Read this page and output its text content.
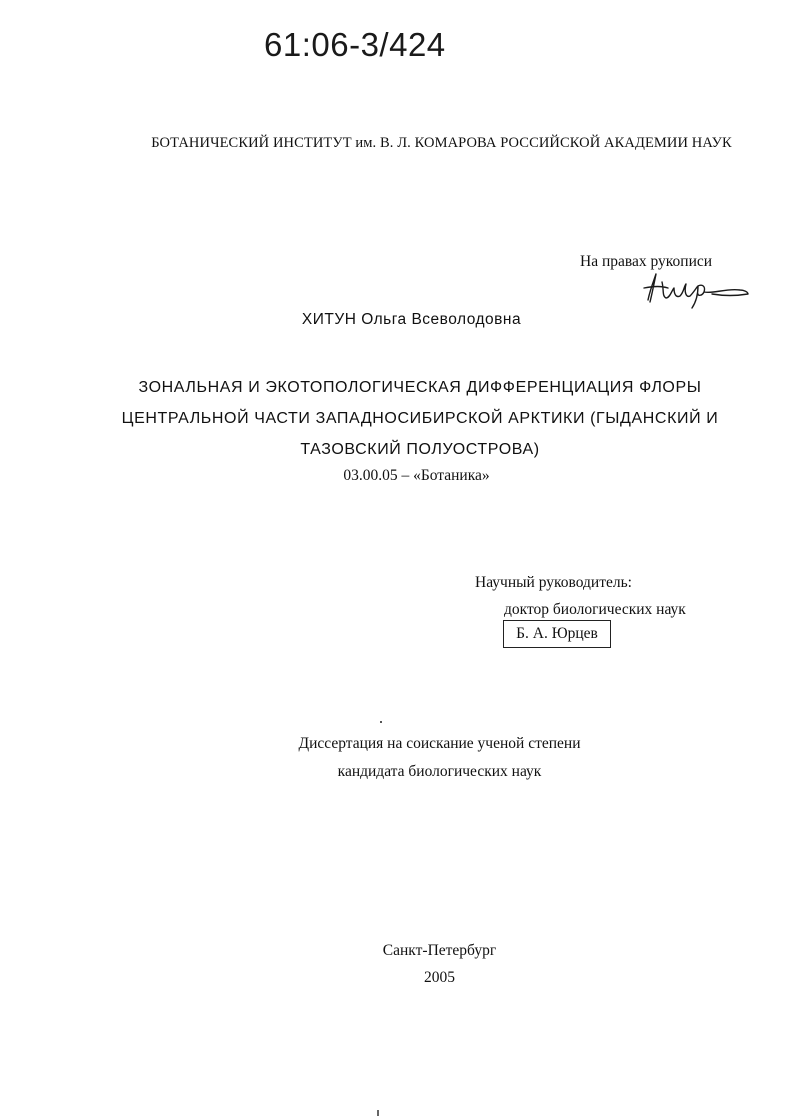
61:06-3/424
БОТАНИЧЕСКИЙ ИНСТИТУТ им. В. Л. КОМАРОВА РОССИЙСКОЙ АКАДЕМИИ НАУК
На правах рукописи
ХИТУН Ольга Всеволодовна
ЗОНАЛЬНАЯ И ЭКОТОПОЛОГИЧЕСКАЯ ДИФФЕРЕНЦИАЦИЯ ФЛОРЫ
ЦЕНТРАЛЬНОЙ ЧАСТИ ЗАПАДНОСИБИРСКОЙ АРКТИКИ (ГЫДАНСКИЙ И
ТАЗОВСКИЙ ПОЛУОСТРОВА)
03.00.05 – «Ботаника»
Научный руководитель:
доктор биологических наук
Б. А. Юрцев
Диссертация на соискание ученой степени
кандидата биологических наук
Санкт-Петербург
2005
